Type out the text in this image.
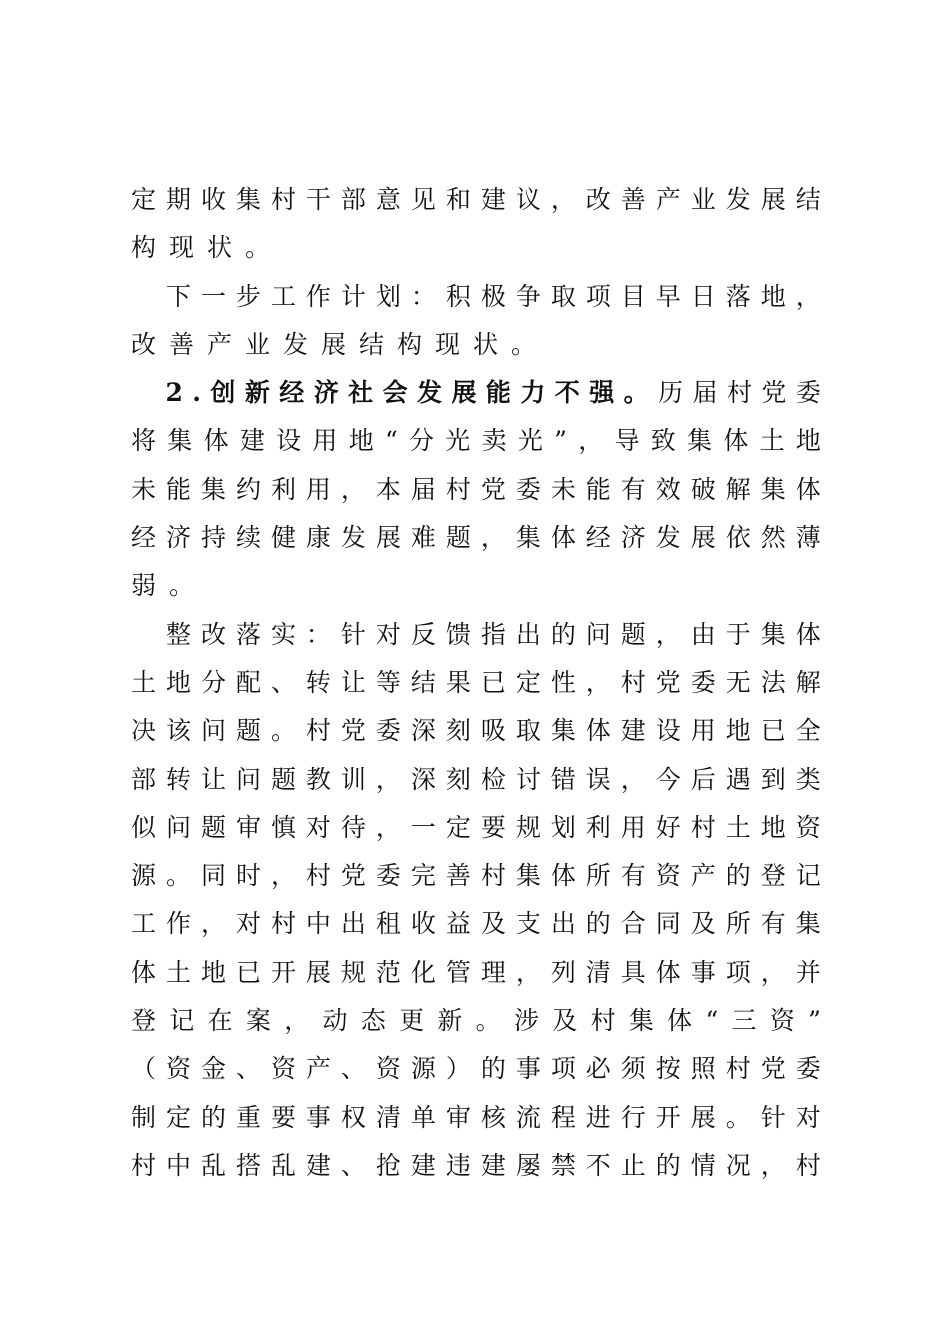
定 期 收 集 村 干 部 意 见 和 建 议 ， 改 善 产 业 发 展 结
构现状。

下 一 步 工 作 计 划 ： 积 极 争 取 项 目 早 日 落 地 ，
改善产业发展结构现状。

2 . 创 新 经 济 社 会 发 展 能 力 不 强 。 历 届 村 党 委
将 集 体 建 设 用 地 “ 分 光 卖 光 ” ， 导 致 集 体 土 地
未 能 集 约 利 用 ， 本 届 村 党 委 未 能 有 效 破 解 集 体
经 济 持 续 健 康 发 展 难 题 ， 集 体 经 济 发 展 依 然 薄
弱。

整 改 落 实 ： 针 对 反 馈 指 出 的 问 题 ， 由 于 集 体
土 地 分 配 、 转 让 等 结 果 已 定 性 ， 村 党 委 无 法 解
决 该 问 题 。 村 党 委 深 刻 吸 取 集 体 建 设 用 地 已 全
部 转 让 问 题 教 训 ， 深 刻 检 讨 错 误 ， 今 后 遇 到 类
似 问 题 审 慎 对 待 ， 一 定 要 规 划 利 用 好 村 土 地 资
源 。 同 时 ， 村 党 委 完 善 村 集 体 所 有 资 产 的 登 记
工 作 ， 对 村 中 出 租 收 益 及 支 出 的 合 同 及 所 有 集
体 土 地 已 开 展 规 范 化 管 理 ， 列 清 具 体 事 项 ， 并
登 记 在 案 ， 动 态 更 新 。 涉 及 村 集 体 “ 三 资 ”
（ 资 金 、 资 产 、 资 源 ） 的 事 项 必 须 按 照 村 党 委
制 定 的 重 要 事 权 清 单 审 核 流 程 进 行 开 展 。 针 对
村 中 乱 搭 乱 建 、 抢 建 违 建 屡 禁 不 止 的 情 况 ， 村
